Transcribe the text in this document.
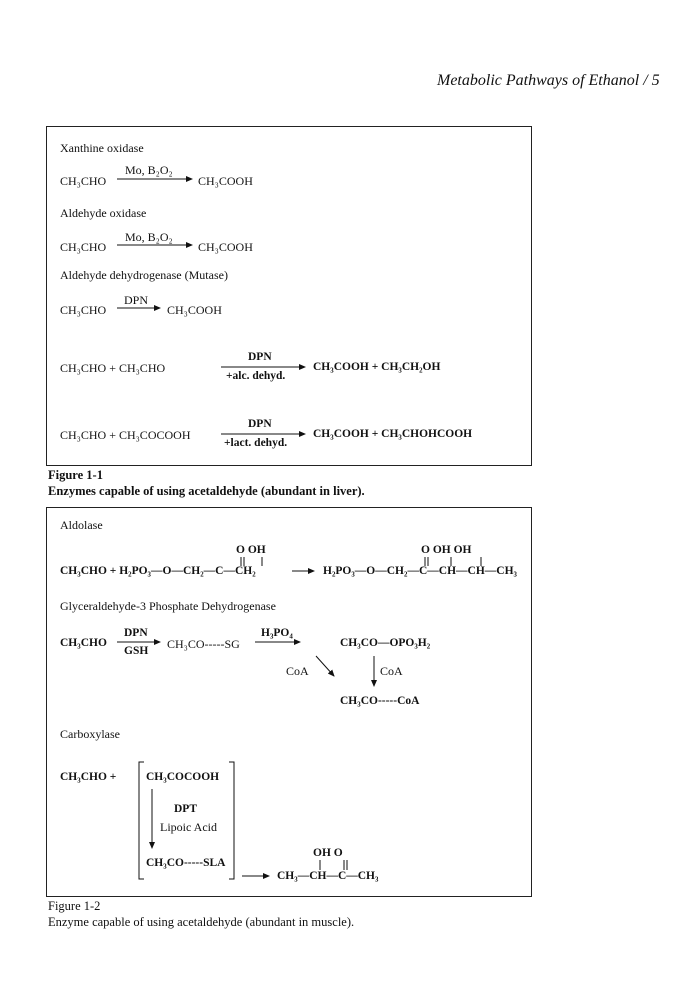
Metabolic Pathways of Ethanol / 5
Xanthine oxidase
CH₃CHO
Mo, B₂O₂
CH₃COOH
Aldehyde oxidase
CH₃CHO
Mo, B₂O₂
CH₃COOH
Aldehyde dehydrogenase (Mutase)
CH₃CHO
DPN
CH₃COOH
CH₃CHO + CH₃CHO
DPN
+alc. dehyd.
CH₃COOH + CH₃CH₂OH
CH₃CHO + CH₃COCOOH
DPN
+lact. dehyd.
CH₃COOH + CH₃CHOHCOOH
Figure 1-1
Enzymes capable of using acetaldehyde (abundant in liver).
Aldolase
O OH
CH₃CHO + H₂PO₃—O—CH₂—C—CH₂
O OH OH
H₂PO₃—O—CH₂—C—CH—CH—CH₃
Glyceraldehyde-3 Phosphate Dehydrogenase
CH₃CHO
DPN
GSH CH₃CO-----SG
H₃PO₄
CH₃CO—OPO₃H₂
CoA	CoA
CH₃CO-----CoA
Carboxylase
CH₃CHO +	CH₃COCOOH
DPT
Lipoic Acid
CH₃CO-----SLA
OH O
CH₃—CH—C—CH₃
Figure 1-2
Enzyme capable of using acetaldehyde (abundant in muscle).
